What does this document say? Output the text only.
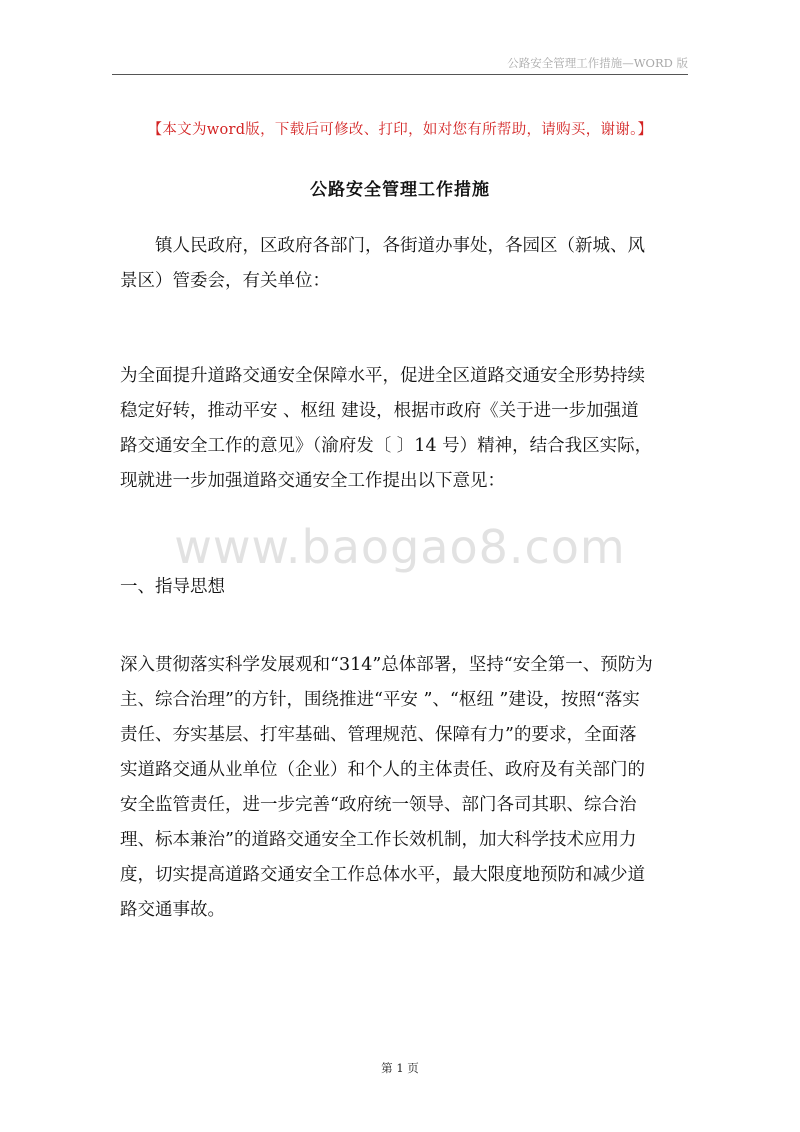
公路安全管理工作措施—WORD 版
【本文为word版，下载后可修改、打印，如对您有所帮助，请购买，谢谢。】
公路安全管理工作措施

镇人民政府，区政府各部门，各街道办事处，各园区（新城、风
景区）管委会，有关单位：

为全面提升道路交通安全保障水平，促进全区道路交通安全形势持续
稳定好转，推动平安 、枢纽 建设，根据市政府《关于进一步加强道
路交通安全工作的意见》（渝府发〔 〕14 号）精神，结合我区实际，
现就进一步加强道路交通安全工作提出以下意见：

www.baogao8.com
一、指导思想

深入贯彻落实科学发展观和“314”总体部署，坚持“安全第一、预防为
主、综合治理”的方针，围绕推进“平安 ”、“枢纽 ”建设，按照“落实
责任、夯实基层、打牢基础、管理规范、保障有力”的要求，全面落
实道路交通从业单位（企业）和个人的主体责任、政府及有关部门的
安全监管责任，进一步完善“政府统一领导、部门各司其职、综合治
理、标本兼治”的道路交通安全工作长效机制，加大科学技术应用力
度，切实提高道路交通安全工作总体水平，最大限度地预防和减少道
路交通事故。

第 1 页
